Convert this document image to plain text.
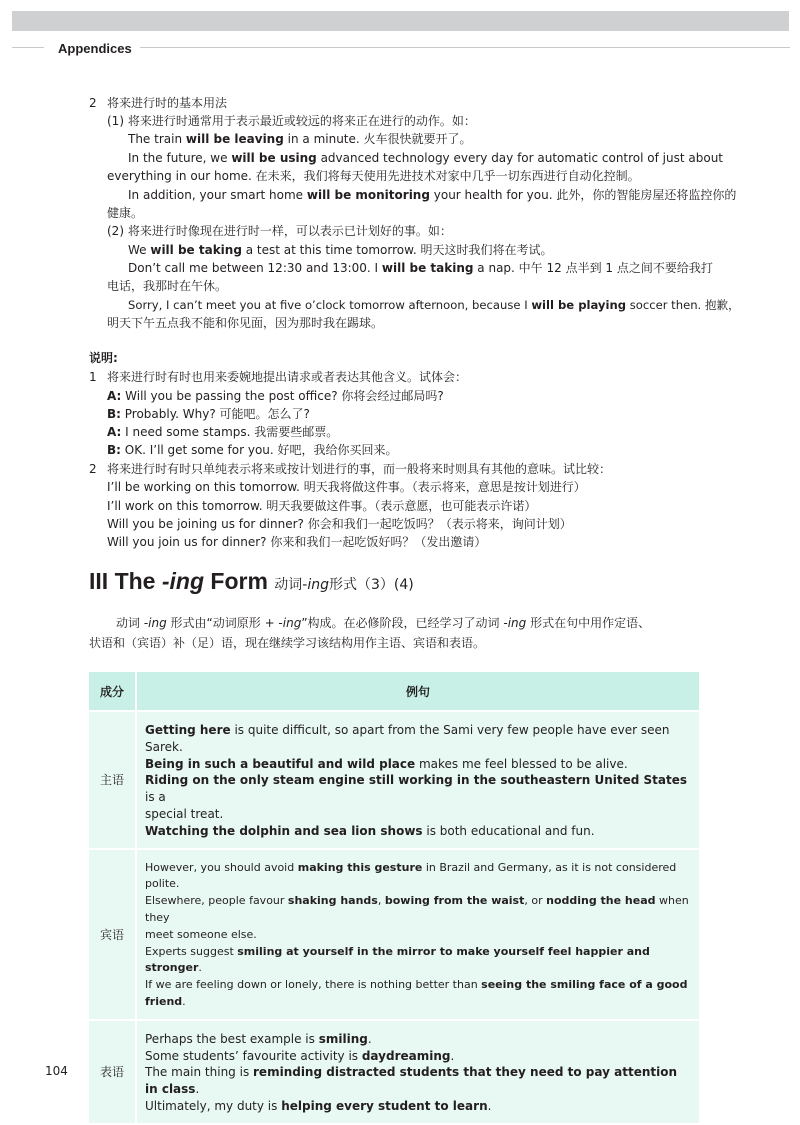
Appendices
2 将来进行时的基本用法
(1) 将来进行时通常用于表示最近或较远的将来正在进行的动作。如：
The train will be leaving in a minute. 火车很快就要开了。
In the future, we will be using advanced technology every day for automatic control of just about
everything in our home. 在未来，我们将每天使用先进技术对家中几乎一切东西进行自动化控制。
In addition, your smart home will be monitoring your health for you. 此外，你的智能房屋还将监控你的
健康。
(2) 将来进行时像现在进行时一样，可以表示已计划好的事。如：
We will be taking a test at this time tomorrow. 明天这时我们将在考试。
Don’t call me between 12:30 and 13:00. I will be taking a nap. 中午 12 点半到 1 点之间不要给我打
电话，我那时在午休。
Sorry, I can’t meet you at five o’clock tomorrow afternoon, because I will be playing soccer then. 抱歉，
明天下午五点我不能和你见面，因为那时我在踢球。
说明:
1 将来进行时有时也用来委婉地提出请求或者表达其他含义。试体会：
A: Will you be passing the post office? 你将会经过邮局吗?
B: Probably. Why? 可能吧。怎么了?
A: I need some stamps. 我需要些邮票。
B: OK. I’ll get some for you. 好吧，我给你买回来。
2 将来进行时有时只单纯表示将来或按计划进行的事，而一般将来时则具有其他的意味。试比较：
I’ll be working on this tomorrow. 明天我将做这件事。（表示将来，意思是按计划进行）
I’ll work on this tomorrow. 明天我要做这件事。（表示意愿，也可能表示许诺）
Will you be joining us for dinner? 你会和我们一起吃饭吗？（表示将来，询问计划）
Will you join us for dinner? 你来和我们一起吃饭好吗？（发出邀请）
III The -ing Form 动词-ing形式（3）(4)
动词 -ing 形式由“动词原形 + -ing”构成。在必修阶段，已经学习了动词 -ing 形式在句中用作定语、
状语和（宾语）补（足）语，现在继续学习该结构用作主语、宾语和表语。
成分	例句
主语	Getting here is quite difficult, so apart from the Sami very few people have ever seen Sarek.
Being in such a beautiful and wild place makes me feel blessed to be alive.
Riding on the only steam engine still working in the southeastern United States is a
special treat.
Watching the dolphin and sea lion shows is both educational and fun.

宾语	However, you should avoid making this gesture in Brazil and Germany, as it is not considered polite.
Elsewhere, people favour shaking hands, bowing from the waist, or nodding the head when they
meet someone else.
Experts suggest smiling at yourself in the mirror to make yourself feel happier and stronger.
If we are feeling down or lonely, there is nothing better than seeing the smiling face of a good friend.

表语	Perhaps the best example is smiling.
Some students’ favourite activity is daydreaming.
The main thing is reminding distracted students that they need to pay attention in class.
Ultimately, my duty is helping every student to learn.
104
